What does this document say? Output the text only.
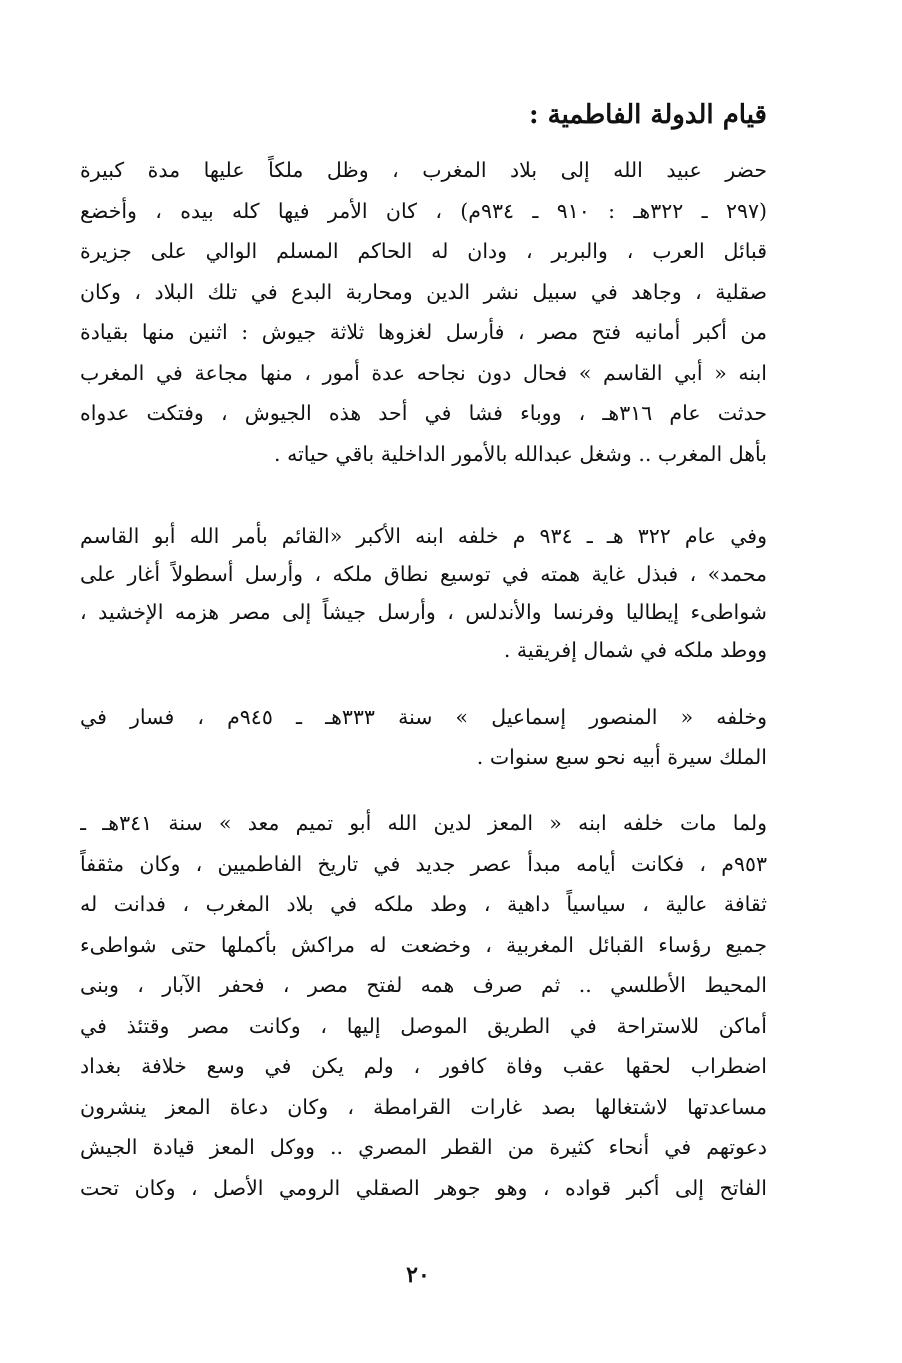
قيام الدولة الفاطمية :
حضر عبيد الله إلى بلاد المغرب ، وظل ملكاً عليها مدة كبيرة
(٢٩٧ ـ ٣٢٢هـ : ٩١٠ ـ ٩٣٤م) ، كان الأمر فيها كله بيده ، وأخضع
قبائل العرب ، والبربر ، ودان له الحاكم المسلم الوالي على جزيرة
صقلية ، وجاهد في سبيل نشر الدين ومحاربة البدع في تلك البلاد ، وكان
من أكبر أمانيه فتح مصر ، فأرسل لغزوها ثلاثة جيوش : اثنين منها بقيادة
ابنه « أبي القاسم » فحال دون نجاحه عدة أمور ، منها مجاعة في المغرب
حدثت عام ٣١٦هـ ، ووباء فشا في أحد هذه الجيوش ، وفتكت عدواه
بأهل المغرب .. وشغل عبدالله بالأمور الداخلية باقي حياته .
وفي عام ٣٢٢ هـ ـ ٩٣٤ م خلفه ابنه الأكبر «القائم بأمر الله أبو القاسم
محمد» ، فبذل غاية همته في توسيع نطاق ملكه ، وأرسل أسطولاً أغار على
شواطىء إيطاليا وفرنسا والأندلس ، وأرسل جيشاً إلى مصر هزمه الإخشيد ،
ووطد ملكه في شمال إفريقية .
وخلفه « المنصور إسماعيل » سنة ٣٣٣هـ ـ ٩٤٥م ، فسار في
الملك سيرة أبيه نحو سبع سنوات .
ولما مات خلفه ابنه « المعز لدين الله أبو تميم معد » سنة ٣٤١هـ ـ
٩٥٣م ، فكانت أيامه مبدأ عصر جديد في تاريخ الفاطميين ، وكان مثقفاً
ثقافة عالية ، سياسياً داهية ، وطد ملكه في بلاد المغرب ، فدانت له
جميع رؤساء القبائل المغربية ، وخضعت له مراكش بأكملها حتى شواطىء
المحيط الأطلسي .. ثم صرف همه لفتح مصر ، فحفر الآبار ، وبنى
أماكن للاستراحة في الطريق الموصل إليها ، وكانت مصر وقتئذ في
اضطراب لحقها عقب وفاة كافور ، ولم يكن في وسع خلافة بغداد
مساعدتها لاشتغالها بصد غارات القرامطة ، وكان دعاة المعز ينشرون
دعوتهم في أنحاء كثيرة من القطر المصري .. ووكل المعز قيادة الجيش
الفاتح إلى أكبر قواده ، وهو جوهر الصقلي الرومي الأصل ، وكان تحت
٢٠
